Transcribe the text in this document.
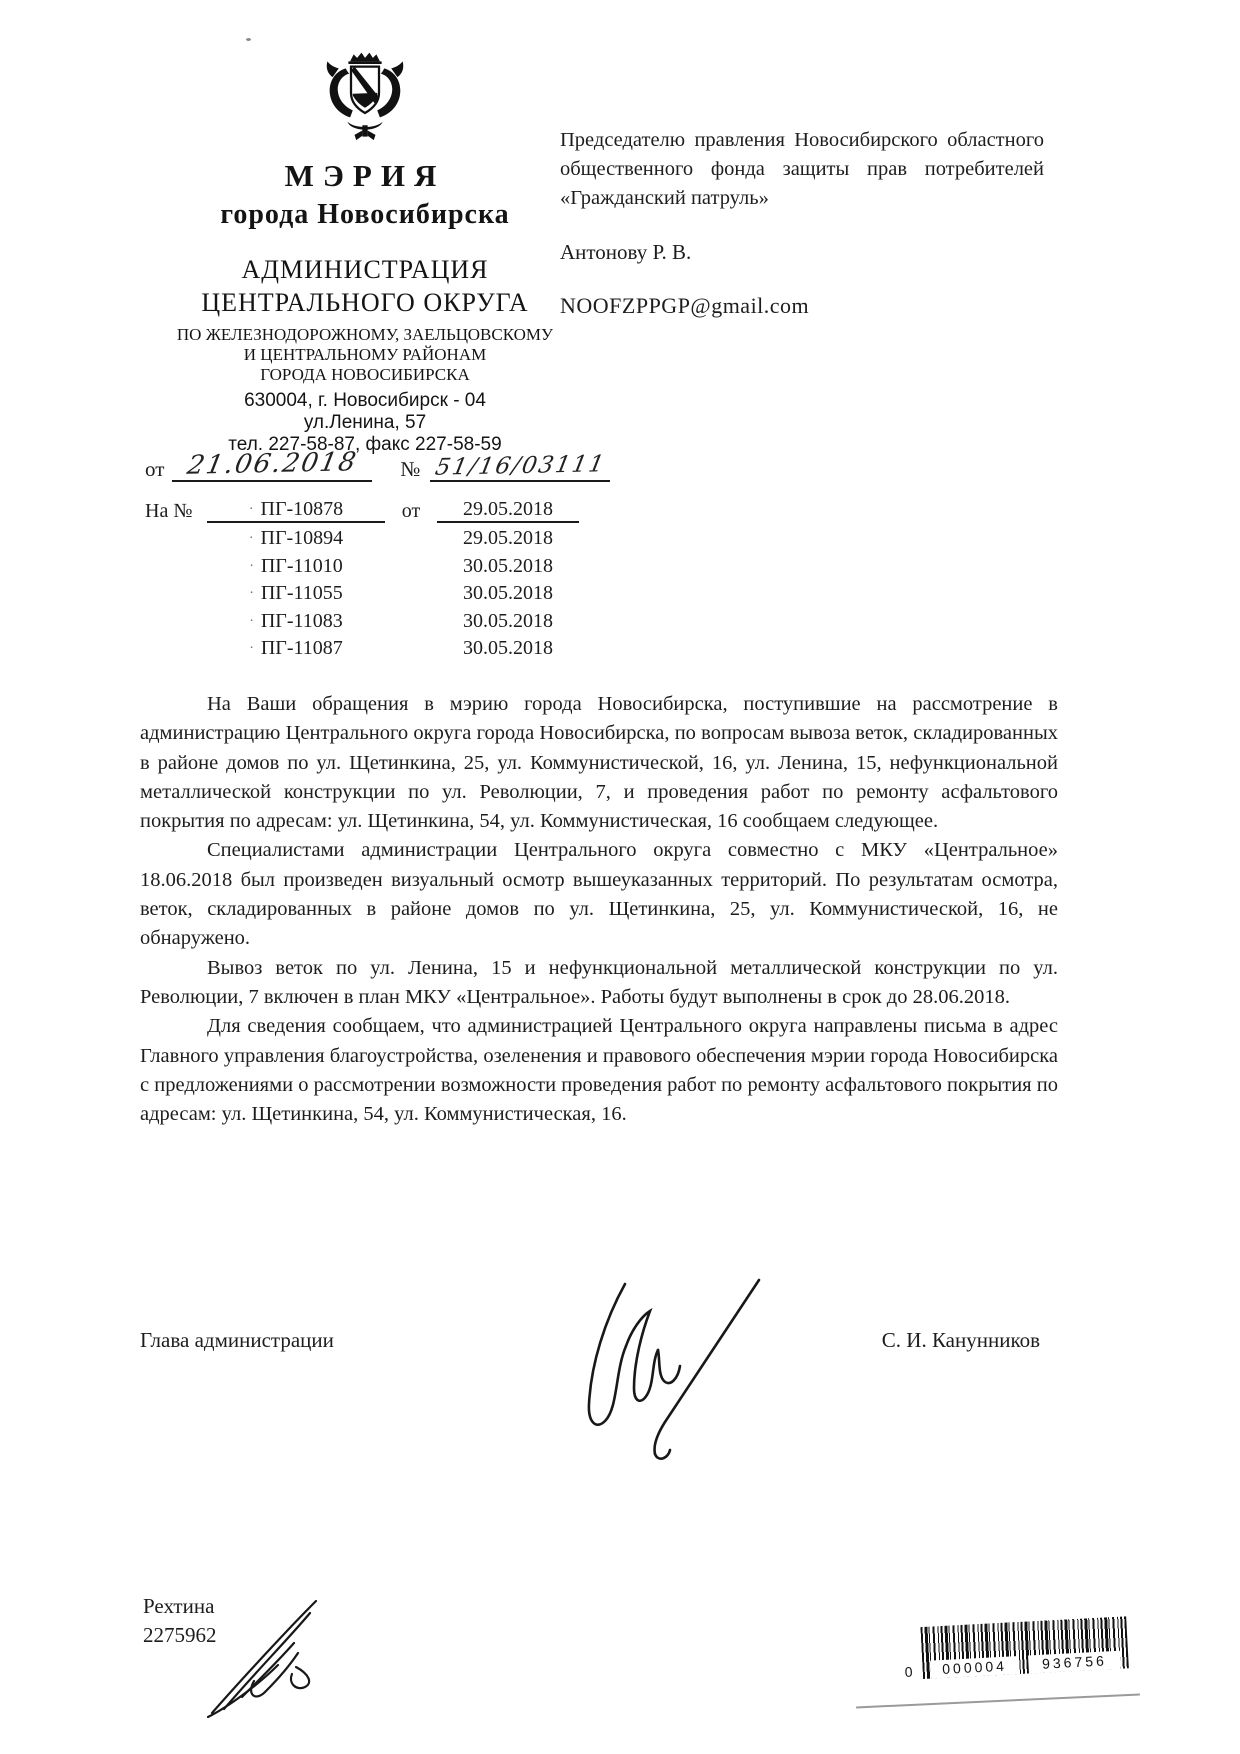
МЭРИЯ
города Новосибирска
АДМИНИСТРАЦИЯ
ЦЕНТРАЛЬНОГО ОКРУГА
ПО ЖЕЛЕЗНОДОРОЖНОМУ, ЗАЕЛЬЦОВСКОМУ
И ЦЕНТРАЛЬНОМУ РАЙОНАМ
ГОРОДА НОВОСИБИРСКА
630004, г. Новосибирск - 04
ул.Ленина, 57
тел. 227-58-87, факс 227-58-59
от 21.06.2018 № 51/16/03111
На №	· ПГ-10878	от	29.05.2018
· ПГ-10894	29.05.2018
· ПГ-11010	30.05.2018
· ПГ-11055	30.05.2018
· ПГ-11083	30.05.2018
· ПГ-11087	30.05.2018
Председателю правления Новосибирского областного общественного фонда защиты прав потребителей «Гражданский патруль»
Антонову Р. В.
NOOFZPPGP@gmail.com

На Ваши обращения в мэрию города Новосибирска, поступившие на рассмотрение в администрацию Центрального округа города Новосибирска, по вопросам вывоза веток, складированных в районе домов по ул. Щетинкина, 25, ул. Коммунистической, 16, ул. Ленина, 15, нефункциональной металлической конструкции по ул. Революции, 7, и проведения работ по ремонту асфальтового покрытия по адресам: ул. Щетинкина, 54, ул. Коммунистическая, 16 сообщаем следующее.

Специалистами администрации Центрального округа совместно с МКУ «Центральное» 18.06.2018 был произведен визуальный осмотр вышеуказанных территорий. По результатам осмотра, веток, складированных в районе домов по ул. Щетинкина, 25, ул. Коммунистической, 16, не обнаружено.

Вывоз веток по ул. Ленина, 15 и нефункциональной металлической конструкции по ул. Революции, 7 включен в план МКУ «Центральное». Работы будут выполнены в срок до 28.06.2018.

Для сведения сообщаем, что администрацией Центрального округа направлены письма в адрес Главного управления благоустройства, озеленения и правового обеспечения мэрии города Новосибирска с предложениями о рассмотрении возможности проведения работ по ремонту асфальтового покрытия по адресам: ул. Щетинкина, 54, ул. Коммунистическая, 16.

Глава администрации	С. И. Канунников
Рехтина
2275962
0	000004	936756
